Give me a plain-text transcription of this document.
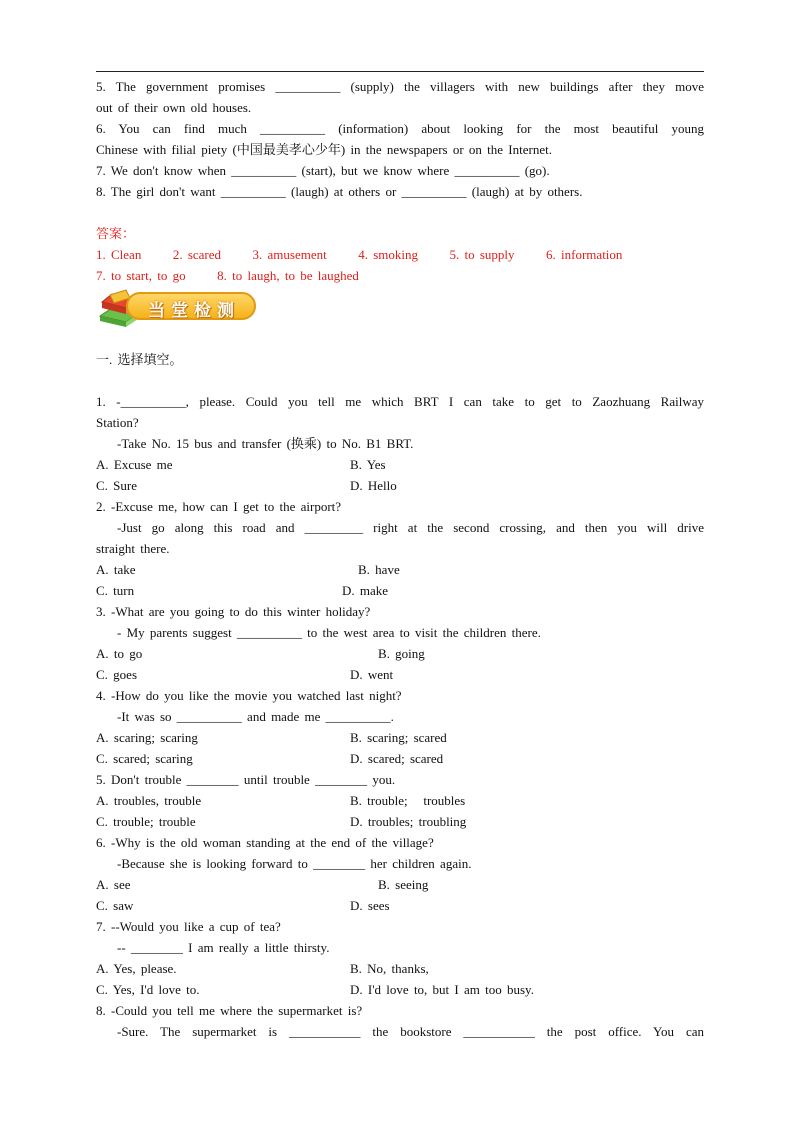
5. The government promises __________ (supply) the villagers with new buildings after they move
out of their own old houses.
6. You can find much __________ (information) about looking for the most beautiful young
Chinese with filial piety (中国最美孝心少年) in the newspapers or on the Internet.
7. We don't know when __________ (start), but we know where __________ (go).
8. The girl don't want __________ (laugh) at others or __________ (laugh) at by others.
答案：
1. Clean      2. scared      3. amusement      4. smoking      5. to supply      6. information
7. to start, to go      8. to laugh, to be laughed
当堂检测
一. 选择填空。
1. -__________, please. Could you tell me which BRT I can take to get to Zaozhuang Railway
Station?
-Take No. 15 bus and transfer (换乘) to No. B1 BRT.
A. Excuse me	B. Yes
C. Sure	D. Hello
2. -Excuse me, how can I get to the airport?
-Just go along this road and _________ right at the second crossing, and then you will drive
straight there.
A. take	B. have
C. turn	D. make
3. -What are you going to do this winter holiday?
- My parents suggest __________ to the west area to visit the children there.
A. to go	B. going
C. goes	D. went
4. -How do you like the movie you watched last night?
-It was so __________ and made me __________.
A. scaring; scaring	B. scaring; scared
C. scared; scaring	D. scared; scared
5. Don't trouble ________ until trouble ________ you.
A. troubles, trouble	B. trouble;   troubles
C. trouble; trouble	D. troubles; troubling
6. -Why is the old woman standing at the end of the village?
-Because she is looking forward to ________ her children again.
A. see	B. seeing
C. saw	D. sees
7. --Would you like a cup of tea?
-- ________ I am really a little thirsty.
A. Yes, please.	B. No, thanks,
C. Yes, I'd love to.	D. I'd love to, but I am too busy.
8. -Could you tell me where the supermarket is?
-Sure. The supermarket is ___________ the bookstore ___________ the post office. You can
